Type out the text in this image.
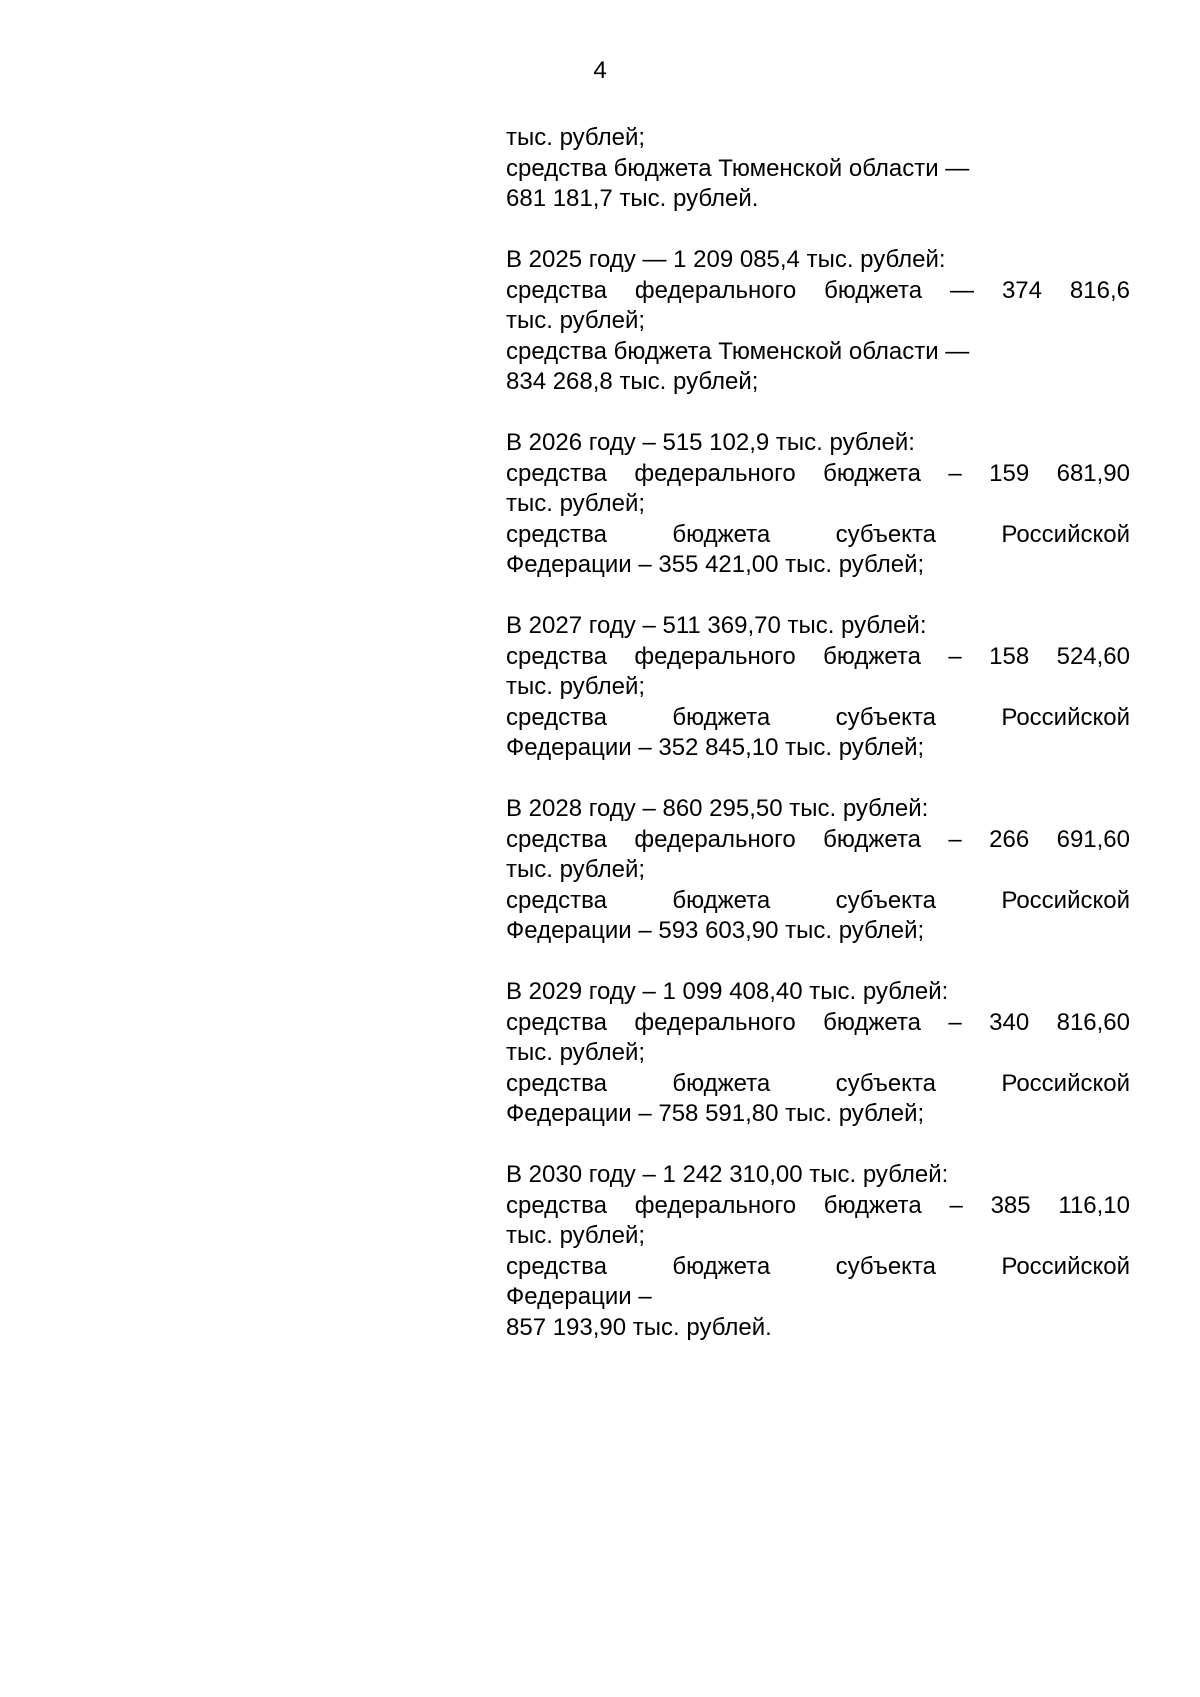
4
тыс. рублей;
средства бюджета Тюменской области —
681 181,7 тыс. рублей.
В 2025 году — 1 209 085,4 тыс. рублей:
средства федерального бюджета — 374 816,6
тыс. рублей;
средства бюджета Тюменской области —
834 268,8 тыс. рублей;
В 2026 году – 515 102,9 тыс. рублей:
средства федерального бюджета – 159 681,90
тыс. рублей;
средства бюджета субъекта Российской
Федерации – 355 421,00 тыс. рублей;
В 2027 году – 511 369,70 тыс. рублей:
средства федерального бюджета – 158 524,60
тыс. рублей;
средства бюджета субъекта Российской
Федерации – 352 845,10 тыс. рублей;
В 2028 году – 860 295,50 тыс. рублей:
средства федерального бюджета – 266 691,60
тыс. рублей;
средства бюджета субъекта Российской
Федерации – 593 603,90 тыс. рублей;
В 2029 году – 1 099 408,40 тыс. рублей:
средства федерального бюджета – 340 816,60
тыс. рублей;
средства бюджета субъекта Российской
Федерации – 758 591,80 тыс. рублей;
В 2030 году – 1 242 310,00 тыс. рублей:
средства федерального бюджета – 385 116,10
тыс. рублей;
средства бюджета субъекта Российской
Федерации –
857 193,90 тыс. рублей.
